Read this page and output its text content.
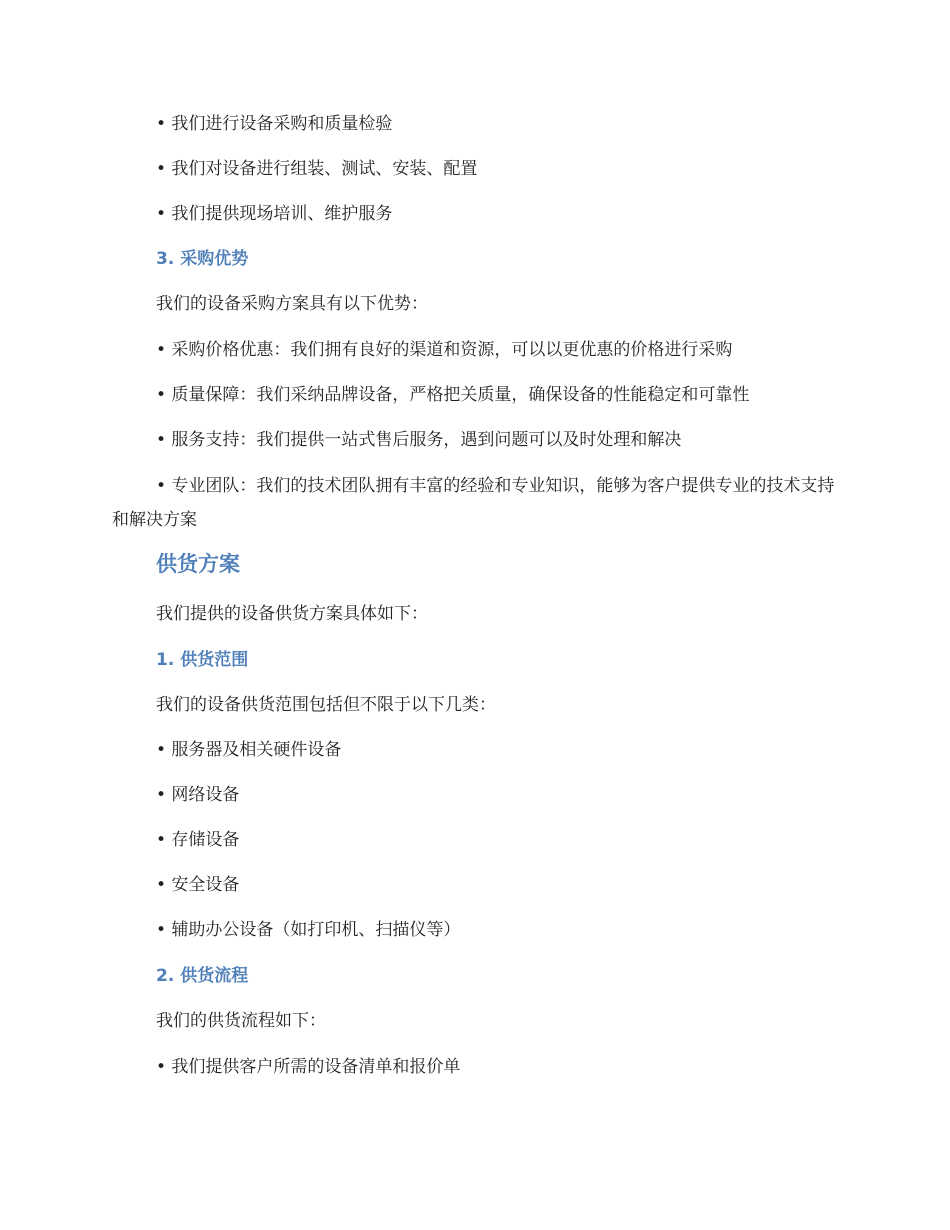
• 我们进行设备采购和质量检验
• 我们对设备进行组装、测试、安装、配置
• 我们提供现场培训、维护服务
3. 采购优势
我们的设备采购方案具有以下优势：
• 采购价格优惠：我们拥有良好的渠道和资源，可以以更优惠的价格进行采购
• 质量保障：我们采纳品牌设备，严格把关质量，确保设备的性能稳定和可靠性
• 服务支持：我们提供一站式售后服务，遇到问题可以及时处理和解决
• 专业团队：我们的技术团队拥有丰富的经验和专业知识，能够为客户提供专业的技术支持和解决方案
供货方案
我们提供的设备供货方案具体如下：
1. 供货范围
我们的设备供货范围包括但不限于以下几类：
• 服务器及相关硬件设备
• 网络设备
• 存储设备
• 安全设备
• 辅助办公设备（如打印机、扫描仪等）
2. 供货流程
我们的供货流程如下：
• 我们提供客户所需的设备清单和报价单
